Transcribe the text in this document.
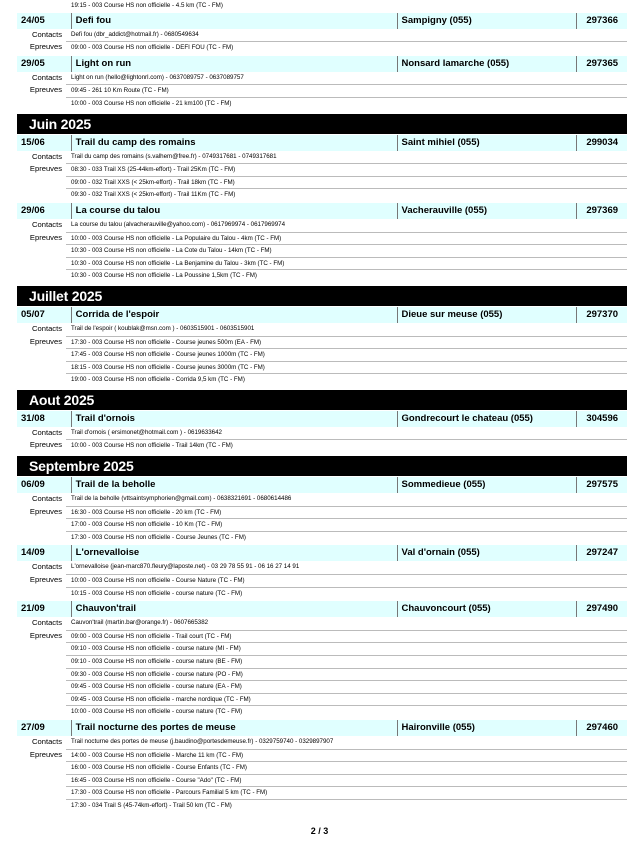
19:15 - 003 Course HS non officielle - 4.5 km (TC - FM)
24/05	Defi fou	Sampigny (055)	297366
Contacts	Defi fou (dbr_addict@hotmail.fr) - 0680549634
Epreuves	09:00 - 003 Course HS non officielle - DEFI FOU (TC - FM)
29/05	Light on run	Nonsard lamarche (055)	297365
Contacts	Light on run (hello@lightonrl.com) - 0637089757 - 0637089757
Epreuves	09:45 - 261 10 Km Route (TC - FM)
10:00 - 003 Course HS non officielle - 21 km100 (TC - FM)
Juin 2025
15/06	Trail du camp des romains	Saint mihiel (055)	299034
Contacts	Trail du camp des romains (s.valhem@free.fr) - 0749317681 - 0749317681
Epreuves	08:30 - 033 Trail XS (25-44km-effort) - Trail 25Km (TC - FM)
09:00 - 032 Trail XXS (< 25km-effort) - Trail 18km (TC - FM)
09:30 - 032 Trail XXS (< 25km-effort) - Trail 11Km (TC - FM)
29/06	La course du talou	Vacherauville (055)	297369
Contacts	La course du talou (alvacherauville@yahoo.com) - 0617969974 - 0617969974
Epreuves	10:00 - 003 Course HS non officielle - La Populaire du Talou - 4km (TC - FM)
10:30 - 003 Course HS non officielle - La Cote du Talou - 14km (TC - FM)
10:30 - 003 Course HS non officielle - La Benjamine du Talou - 3km (TC - FM)
10:30 - 003 Course HS non officielle - La Poussine 1,5km (TC - FM)
Juillet 2025
05/07	Corrida de l'espoir	Dieue sur meuse (055)	297370
Contacts	Trail de l'espoir ( koublak@msn.com ) - 0603515901 - 0603515901
Epreuves	17:30 - 003 Course HS non officielle - Course jeunes 500m (EA - FM)
17:45 - 003 Course HS non officielle - Course jeunes 1000m (TC - FM)
18:15 - 003 Course HS non officielle - Course jeunes 3000m (TC - FM)
19:00 - 003 Course HS non officielle - Corrida 9,5 km (TC - FM)
Aout 2025
31/08	Trail d'ornois	Gondrecourt le chateau (055)	304596
Contacts	Trail d'ornois ( ersimonet@hotmail.com ) - 0619633642
Epreuves	10:00 - 003 Course HS non officielle - Trail 14km (TC - FM)
Septembre 2025
06/09	Trail de la beholle	Sommedieue (055)	297575
Contacts	Trail de la beholle (vttsaintsymphorien@gmail.com) - 0638321691 - 0680614486
Epreuves	16:30 - 003 Course HS non officielle - 20 km (TC - FM)
17:00 - 003 Course HS non officielle - 10 Km (TC - FM)
17:30 - 003 Course HS non officielle - Course Jeunes (TC - FM)
14/09	L'ornevalloise	Val d'ornain (055)	297247
Contacts	L'ornevalloise (jean-marc870.fleury@laposte.net) - 03 29 78 55 91 - 06 16 27 14 91
Epreuves	10:00 - 003 Course HS non officielle - Course Nature (TC - FM)
10:15 - 003 Course HS non officielle - course nature (TC - FM)
21/09	Chauvon'trail	Chauvoncourt (055)	297490
Contacts	Cauvon'trail (martin.bar@orange.fr) - 0607665382
Epreuves	09:00 - 003 Course HS non officielle - Trail court (TC - FM)
09:10 - 003 Course HS non officielle - course nature (MI - FM)
09:10 - 003 Course HS non officielle - course nature (BE - FM)
09:30 - 003 Course HS non officielle - course nature (PO - FM)
09:45 - 003 Course HS non officielle - course nature (EA - FM)
09:45 - 003 Course HS non officielle - marche nordique (TC - FM)
10:00 - 003 Course HS non officielle - course nature (TC - FM)
27/09	Trail nocturne des portes de meuse	Haironville (055)	297460
Contacts	Trail nocturne des portes de meuse (j.baudino@portesdemeuse.fr) - 0329759740 - 0329897907
Epreuves	14:00 - 003 Course HS non officielle - Marche 11 km (TC - FM)
16:00 - 003 Course HS non officielle - Course Enfants (TC - FM)
16:45 - 003 Course HS non officielle - Course "Ado" (TC - FM)
17:30 - 003 Course HS non officielle - Parcours Familial 5 km (TC - FM)
17:30 - 034 Trail S (45-74km-effort) - Trail 50 km (TC - FM)
2 / 3
